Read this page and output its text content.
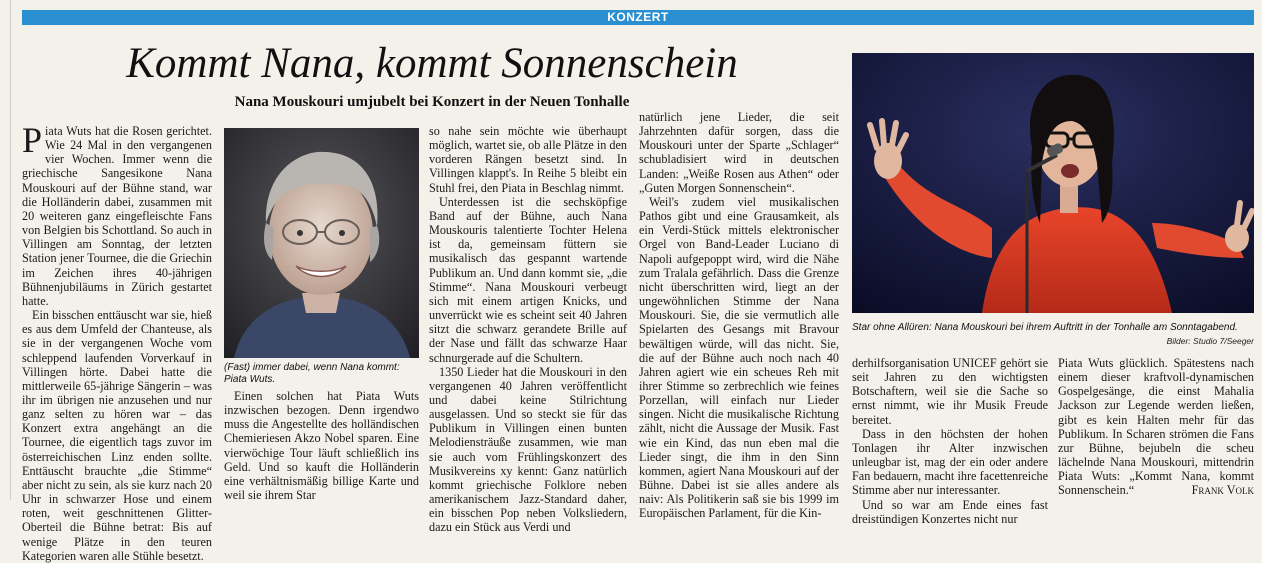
KONZERT
Kommt Nana, kommt Sonnenschein
Nana Mouskouri umjubelt bei Konzert in der Neuen Tonhalle

Piata Wuts hat die Rosen gerichtet. Wie 24 Mal in den vergangenen vier Wochen. Immer wenn die griechische Sangesikone Nana Mouskouri auf der Bühne stand, war die Holländerin dabei, zusammen mit 20 weiteren ganz eingefleischte Fans von Belgien bis Schottland. So auch in Villingen am Sonntag, der letzten Station jener Tournee, die die Griechin im Zeichen ihres 40-jährigen Bühnenjubiläums in Zürich gestartet hatte.

Ein bisschen enttäuscht war sie, hieß es aus dem Umfeld der Chanteuse, als sie in der vergangenen Woche vom schleppend laufenden Vorverkauf in Villingen hörte. Dabei hatte die mittlerweile 65-jährige Sängerin – was ihr im übrigen nie anzusehen und nur ganz selten zu hören war – das Konzert extra angehängt an die Tournee, die eigentlich tags zuvor im österreichischen Linz enden sollte. Enttäuscht brauchte „die Stimme“ aber nicht zu sein, als sie kurz nach 20 Uhr in schwarzer Hose und einem roten, weit geschnittenen Glitter-Oberteil die Bühne betrat: Bis auf wenige Plätze in den teuren Kategorien waren alle Stühle besetzt.

(Fast) immer dabei, wenn Nana kommt: Piata Wuts.

Einen solchen hat Piata Wuts inzwischen bezogen. Denn irgendwo muss die Angestellte des holländischen Chemieriesen Akzo Nobel sparen. Eine vierwöchige Tour läuft schließlich ins Geld. Und so kauft die Holländerin eine verhältnismäßig billige Karte und weil sie ihrem Star

so nahe sein möchte wie überhaupt möglich, wartet sie, ob alle Plätze in den vorderen Rängen besetzt sind. In Villingen klappt's. In Reihe 5 bleibt ein Stuhl frei, den Piata in Beschlag nimmt.

Unterdessen ist die sechsköpfige Band auf der Bühne, auch Nana Mouskouris talentierte Tochter Helena ist da, gemeinsam füttern sie musikalisch das gespannt wartende Publikum an. Und dann kommt sie, „die Stimme“. Nana Mouskouri verbeugt sich mit einem artigen Knicks, und unverrückt wie es scheint seit 40 Jahren sitzt die schwarz gerandete Brille auf der Nase und fällt das schwarze Haar schnurgerade auf die Schultern.

1350 Lieder hat die Mouskouri in den vergangenen 40 Jahren veröffentlicht und dabei keine Stilrichtung ausgelassen. Und so steckt sie für das Publikum in Villingen einen bunten Melodiensträuße zusammen, wie man sie auch vom Frühlingskonzert des Musikvereins xy kennt: Ganz natürlich kommt griechische Folklore neben amerikanischem Jazz-Standard daher, ein bisschen Pop neben Volksliedern, dazu ein Stück aus Verdi und

natürlich jene Lieder, die seit Jahrzehnten dafür sorgen, dass die Mouskouri unter der Sparte „Schlager“ schubladisiert wird in deutschen Landen: „Weiße Rosen aus Athen“ oder „Guten Morgen Sonnenschein“.

Weil's zudem viel musikalischen Pathos gibt und eine Grausamkeit, als ein Verdi-Stück mittels elektronischer Orgel von Band-Leader Luciano di Napoli aufgepoppt wird, wird die Nähe zum Tralala gefährlich. Dass die Grenze nicht überschritten wird, liegt an der ungewöhnlichen Stimme der Nana Mouskouri. Sie, die sie vermutlich alle Spielarten des Gesangs mit Bravour bewältigen würde, will das nicht. Sie, die auf der Bühne auch noch nach 40 Jahren agiert wie ein scheues Reh mit ihrer Stimme so zerbrechlich wie feines Porzellan, will einfach nur Lieder singen. Nicht die musikalische Richtung zählt, nicht die Aussage der Musik. Fast wie ein Kind, das nun eben mal die Lieder singt, die ihm in den Sinn kommen, agiert Nana Mouskouri auf der Bühne. Dabei ist sie alles andere als naiv: Als Politikerin saß sie bis 1999 im Europäischen Parlament, für die Kin-

Star ohne Allüren: Nana Mouskouri bei ihrem Auftritt in der Tonhalle am Sonntagabend.
Bilder: Studio 7/Seeger

derhilfsorganisation UNICEF gehört sie seit Jahren zu den wichtigsten Botschaftern, weil sie die Sache so ernst nimmt, wie ihr Musik Freude bereitet.

Dass in den höchsten der hohen Tonlagen ihr Alter inzwischen unleugbar ist, mag der ein oder andere Fan bedauern, macht ihre facettenreiche Stimme aber nur interessanter.

Und so war am Ende eines fast dreistündigen Konzertes nicht nur

Piata Wuts glücklich. Spätestens nach einem dieser kraftvoll-dynamischen Gospelgesänge, die einst Mahalia Jackson zur Legende werden ließen, gibt es kein Halten mehr für das Publikum. In Scharen strömen die Fans zur Bühne, bejubeln die scheu lächelnde Nana Mouskouri, mittendrin Piata Wuts: „Kommt Nana, kommt Sonnenschein.“	Frank Volk
